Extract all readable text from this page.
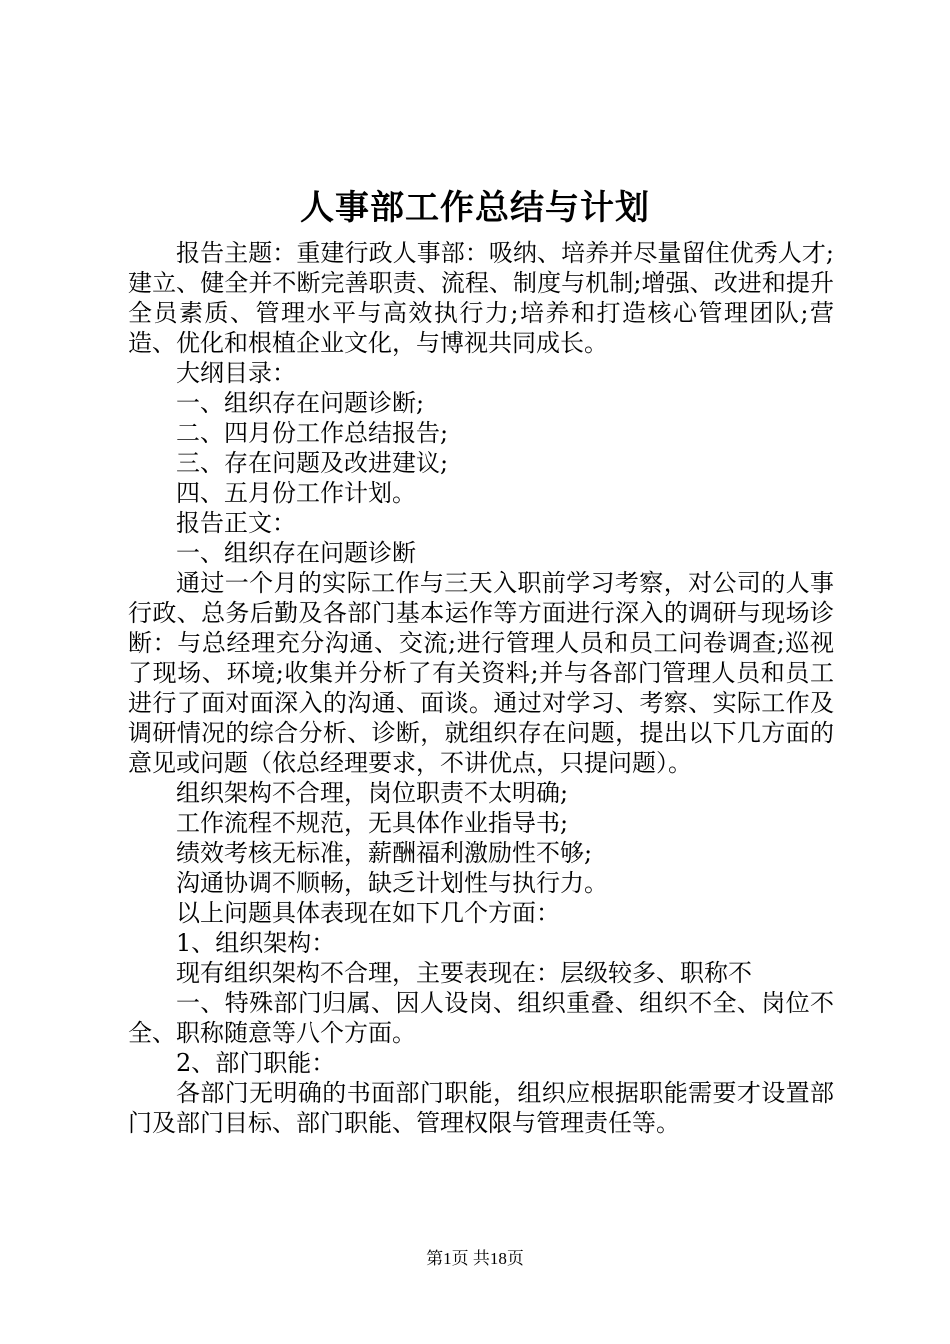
人事部工作总结与计划

报告主题：重建行政人事部：吸纳、培养并尽量留住优秀人才;建立、健全并不断完善职责、流程、制度与机制;增强、改进和提升全员素质、管理水平与高效执行力;培养和打造核心管理团队;营造、优化和根植企业文化，与博视共同成长。

大纲目录：

一、组织存在问题诊断;

二、四月份工作总结报告;

三、存在问题及改进建议;

四、五月份工作计划。

报告正文：

一、组织存在问题诊断

通过一个月的实际工作与三天入职前学习考察，对公司的人事行政、总务后勤及各部门基本运作等方面进行深入的调研与现场诊断：与总经理充分沟通、交流;进行管理人员和员工问卷调查;巡视了现场、环境;收集并分析了有关资料;并与各部门管理人员和员工进行了面对面深入的沟通、面谈。通过对学习、考察、实际工作及调研情况的综合分析、诊断，就组织存在问题，提出以下几方面的意见或问题（依总经理要求，不讲优点，只提问题）。

组织架构不合理，岗位职责不太明确;

工作流程不规范，无具体作业指导书;

绩效考核无标准，薪酬福利激励性不够;

沟通协调不顺畅，缺乏计划性与执行力。

以上问题具体表现在如下几个方面：

1、组织架构：

现有组织架构不合理，主要表现在：层级较多、职称不

一、特殊部门归属、因人设岗、组织重叠、组织不全、岗位不全、职称随意等八个方面。

2、部门职能：

各部门无明确的书面部门职能，组织应根据职能需要才设置部门及部门目标、部门职能、管理权限与管理责任等。

第1页 共18页
